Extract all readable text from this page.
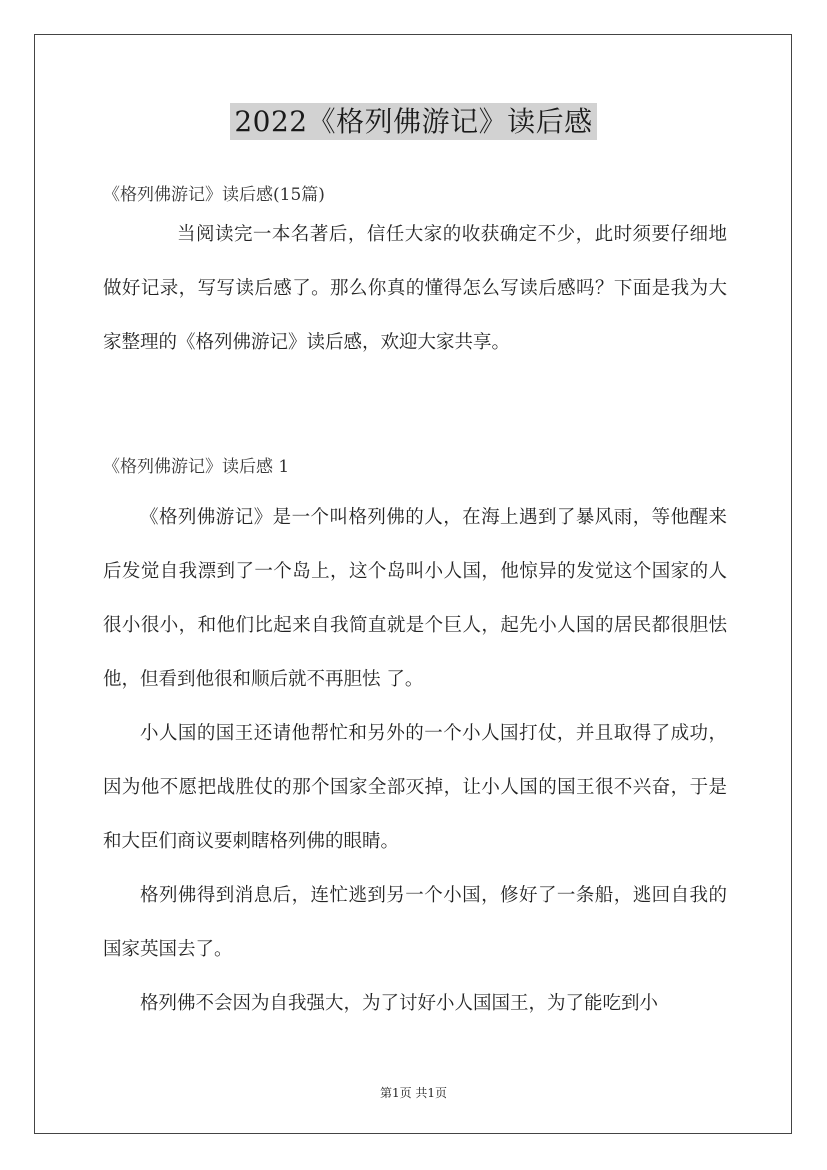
2022《格列佛游记》读后感
《格列佛游记》读后感(15篇)

当阅读完一本名著后，信任大家的收获确定不少，此时须要仔细地做好记录，写写读后感了。那么你真的懂得怎么写读后感吗？下面是我为大家整理的《格列佛游记》读后感，欢迎大家共享。

《格列佛游记》读后感 1

《格列佛游记》是一个叫格列佛的人，在海上遇到了暴风雨，等他醒来后发觉自我漂到了一个岛上，这个岛叫小人国，他惊异的发觉这个国家的人很小很小，和他们比起来自我简直就是个巨人，起先小人国的居民都很胆怯 他，但看到他很和顺后就不再胆怯 了。

小人国的国王还请他帮忙和另外的一个小人国打仗，并且取得了成功，因为他不愿把战胜仗的那个国家全部灭掉，让小人国的国王很不兴奋，于是和大臣们商议要刺瞎格列佛的眼睛。

格列佛得到消息后，连忙逃到另一个小国，修好了一条船，逃回自我的国家英国去了。

格列佛不会因为自我强大，为了讨好小人国国王，为了能吃到小

第1页 共1页
